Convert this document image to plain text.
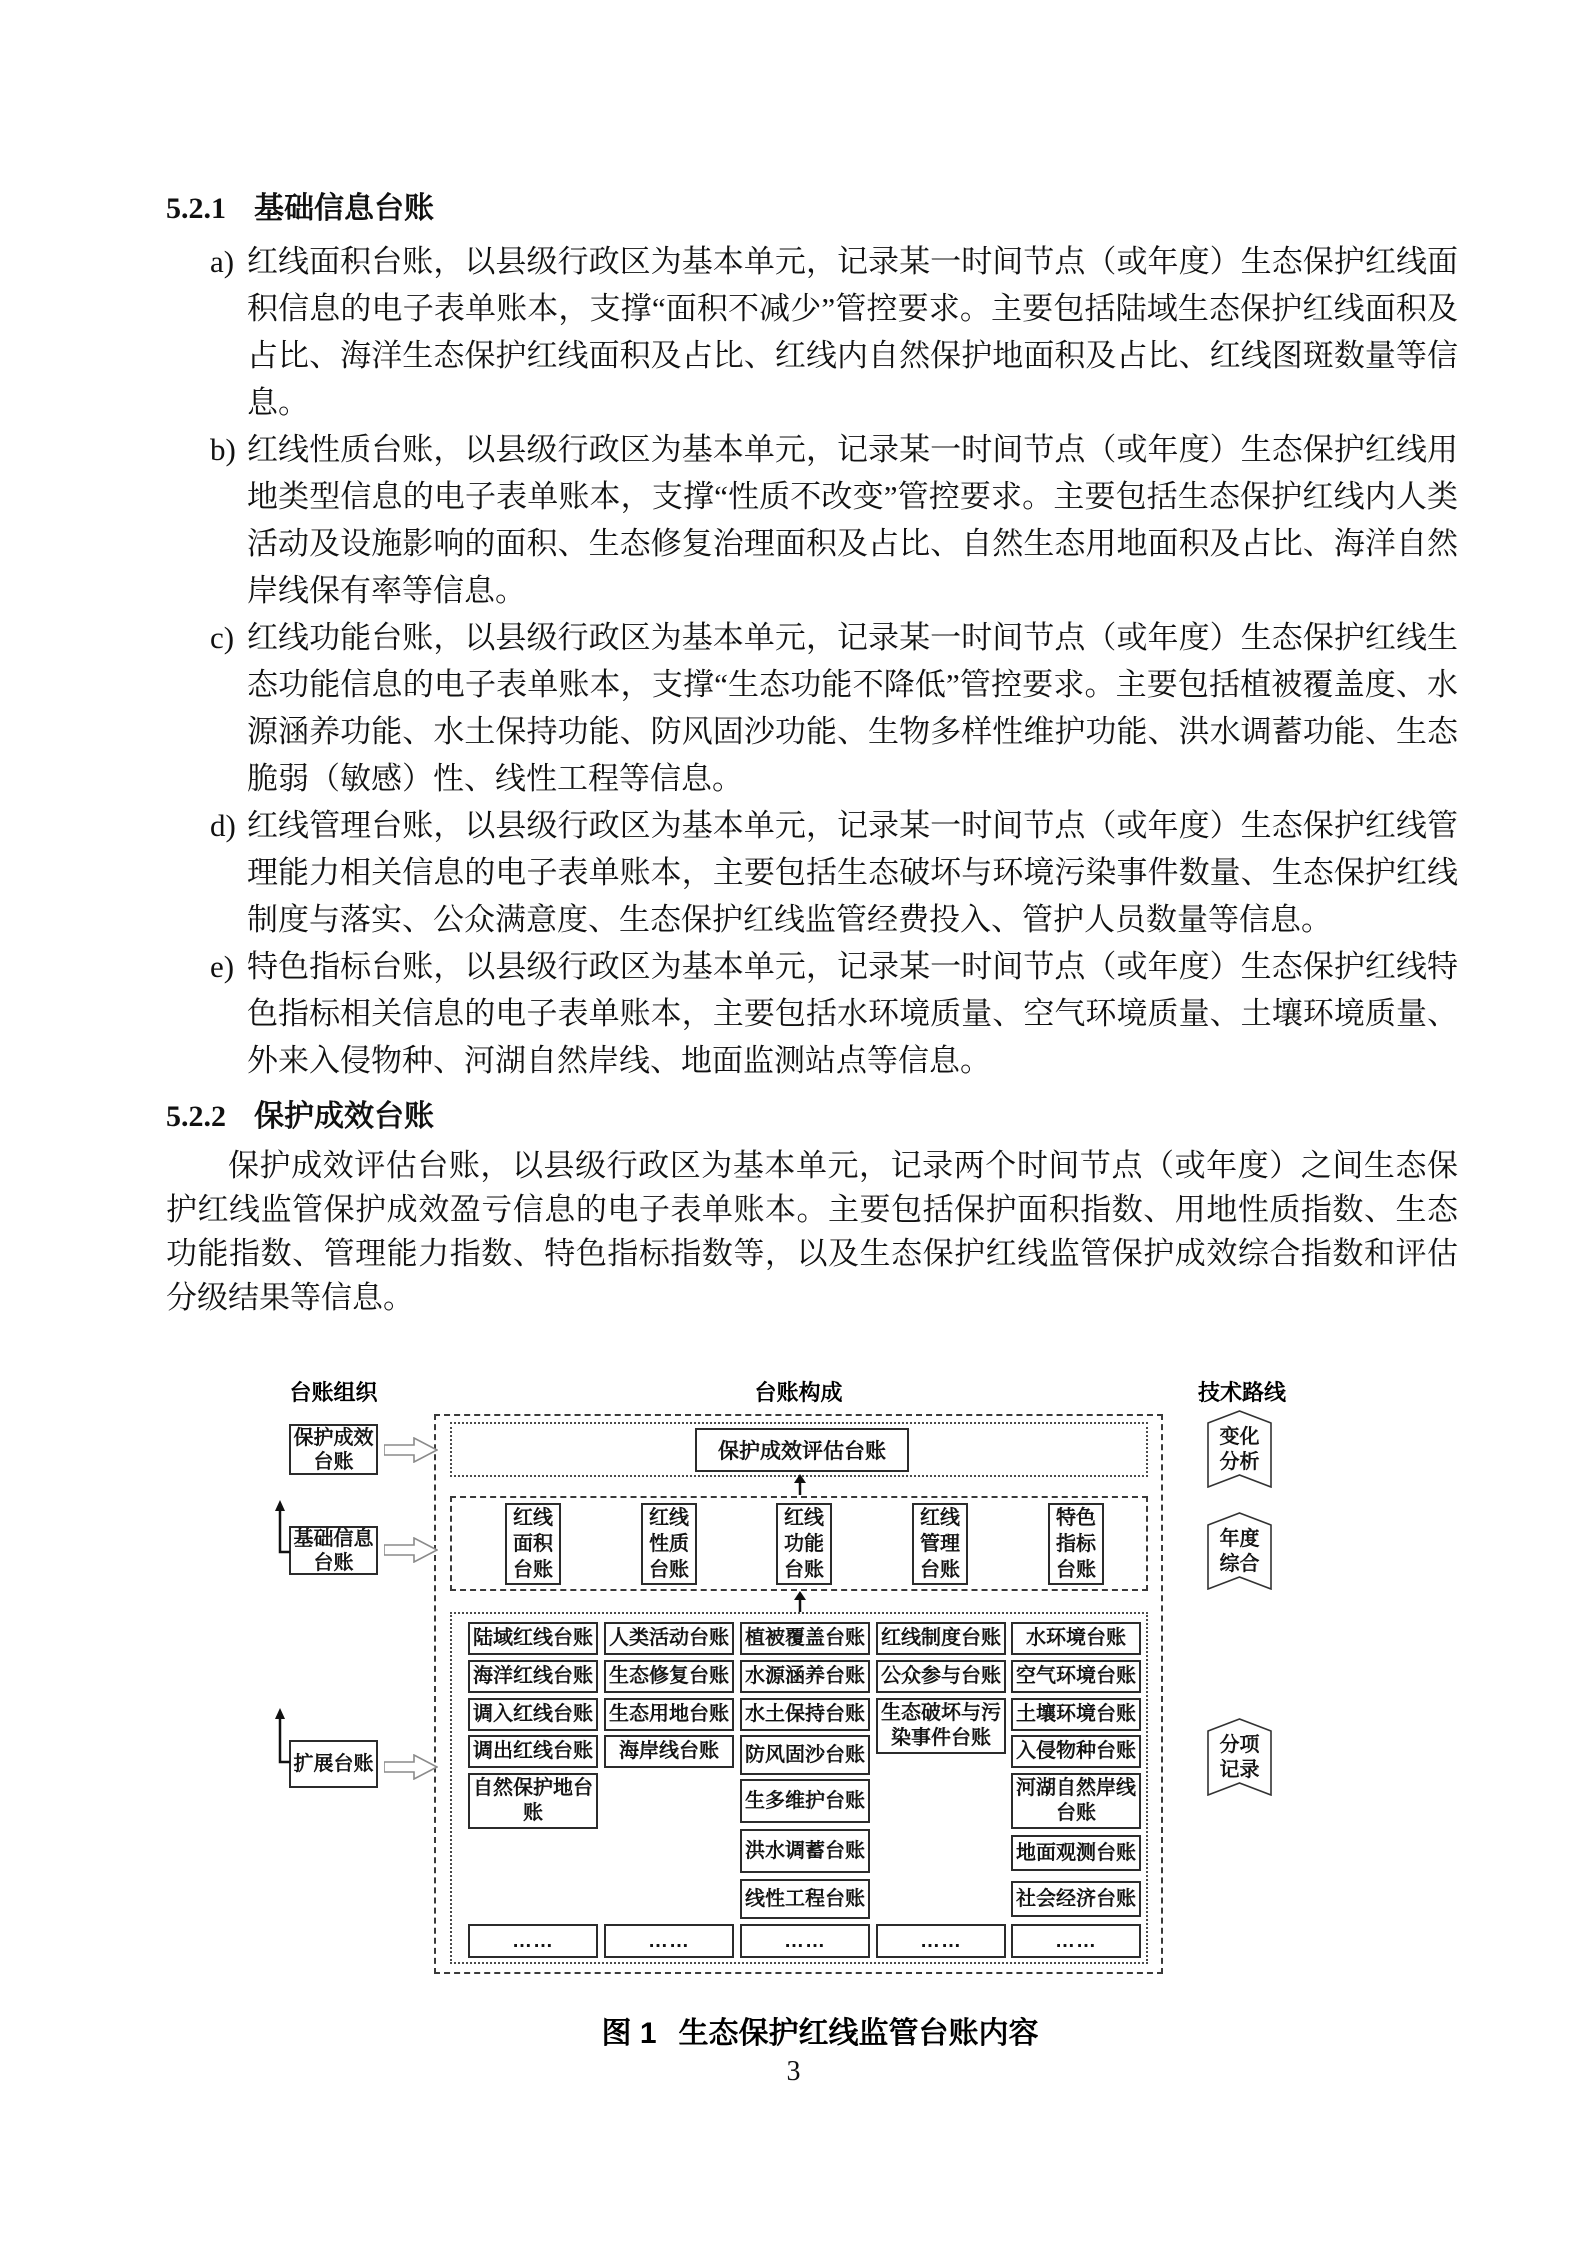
5.2.1 基础信息台账
a) 红线面积台账，以县级行政区为基本单元，记录某一时间节点（或年度）生态保护红线面积信息的电子表单账本，支撑“面积不减少”管控要求。主要包括陆域生态保护红线面积及占比、海洋生态保护红线面积及占比、红线内自然保护地面积及占比、红线图斑数量等信息。
b) 红线性质台账，以县级行政区为基本单元，记录某一时间节点（或年度）生态保护红线用地类型信息的电子表单账本，支撑“性质不改变”管控要求。主要包括生态保护红线内人类活动及设施影响的面积、生态修复治理面积及占比、自然生态用地面积及占比、海洋自然岸线保有率等信息。
c) 红线功能台账，以县级行政区为基本单元，记录某一时间节点（或年度）生态保护红线生态功能信息的电子表单账本，支撑“生态功能不降低”管控要求。主要包括植被覆盖度、水源涵养功能、水土保持功能、防风固沙功能、生物多样性维护功能、洪水调蓄功能、生态脆弱（敏感）性、线性工程等信息。
d) 红线管理台账，以县级行政区为基本单元，记录某一时间节点（或年度）生态保护红线管理能力相关信息的电子表单账本，主要包括生态破坏与环境污染事件数量、生态保护红线制度与落实、公众满意度、生态保护红线监管经费投入、管护人员数量等信息。
e) 特色指标台账，以县级行政区为基本单元，记录某一时间节点（或年度）生态保护红线特色指标相关信息的电子表单账本，主要包括水环境质量、空气环境质量、土壤环境质量、外来入侵物种、河湖自然岸线、地面监测站点等信息。
5.2.2 保护成效台账

保护成效评估台账，以县级行政区为基本单元，记录两个时间节点（或年度）之间生态保护红线监管保护成效盈亏信息的电子表单账本。主要包括保护面积指数、用地性质指数、生态功能指数、管理能力指数、特色指标指数等，以及生态保护红线监管保护成效综合指数和评估分级结果等信息。

台账组织	台账构成	技术路线
保护成效台账
基础信息台账
扩展台账
保护成效评估台账
红线面积台账
红线性质台账
红线功能台账
红线管理台账
特色指标台账
陆域红线台账
海洋红线台账
调入红线台账
调出红线台账
自然保护地台账
人类活动台账
生态修复台账
生态用地台账
海岸线台账
植被覆盖台账
水源涵养台账
水土保持台账
防风固沙台账
生多维护台账
洪水调蓄台账
线性工程台账
红线制度台账
公众参与台账
生态破坏与污染事件台账
水环境台账
空气环境台账
土壤环境台账
入侵物种台账
河湖自然岸线台账
地面观测台账
社会经济台账
……	……	……	……	……
变化
分析
年度
综合
分项
记录
图 1 生态保护红线监管台账内容
3
